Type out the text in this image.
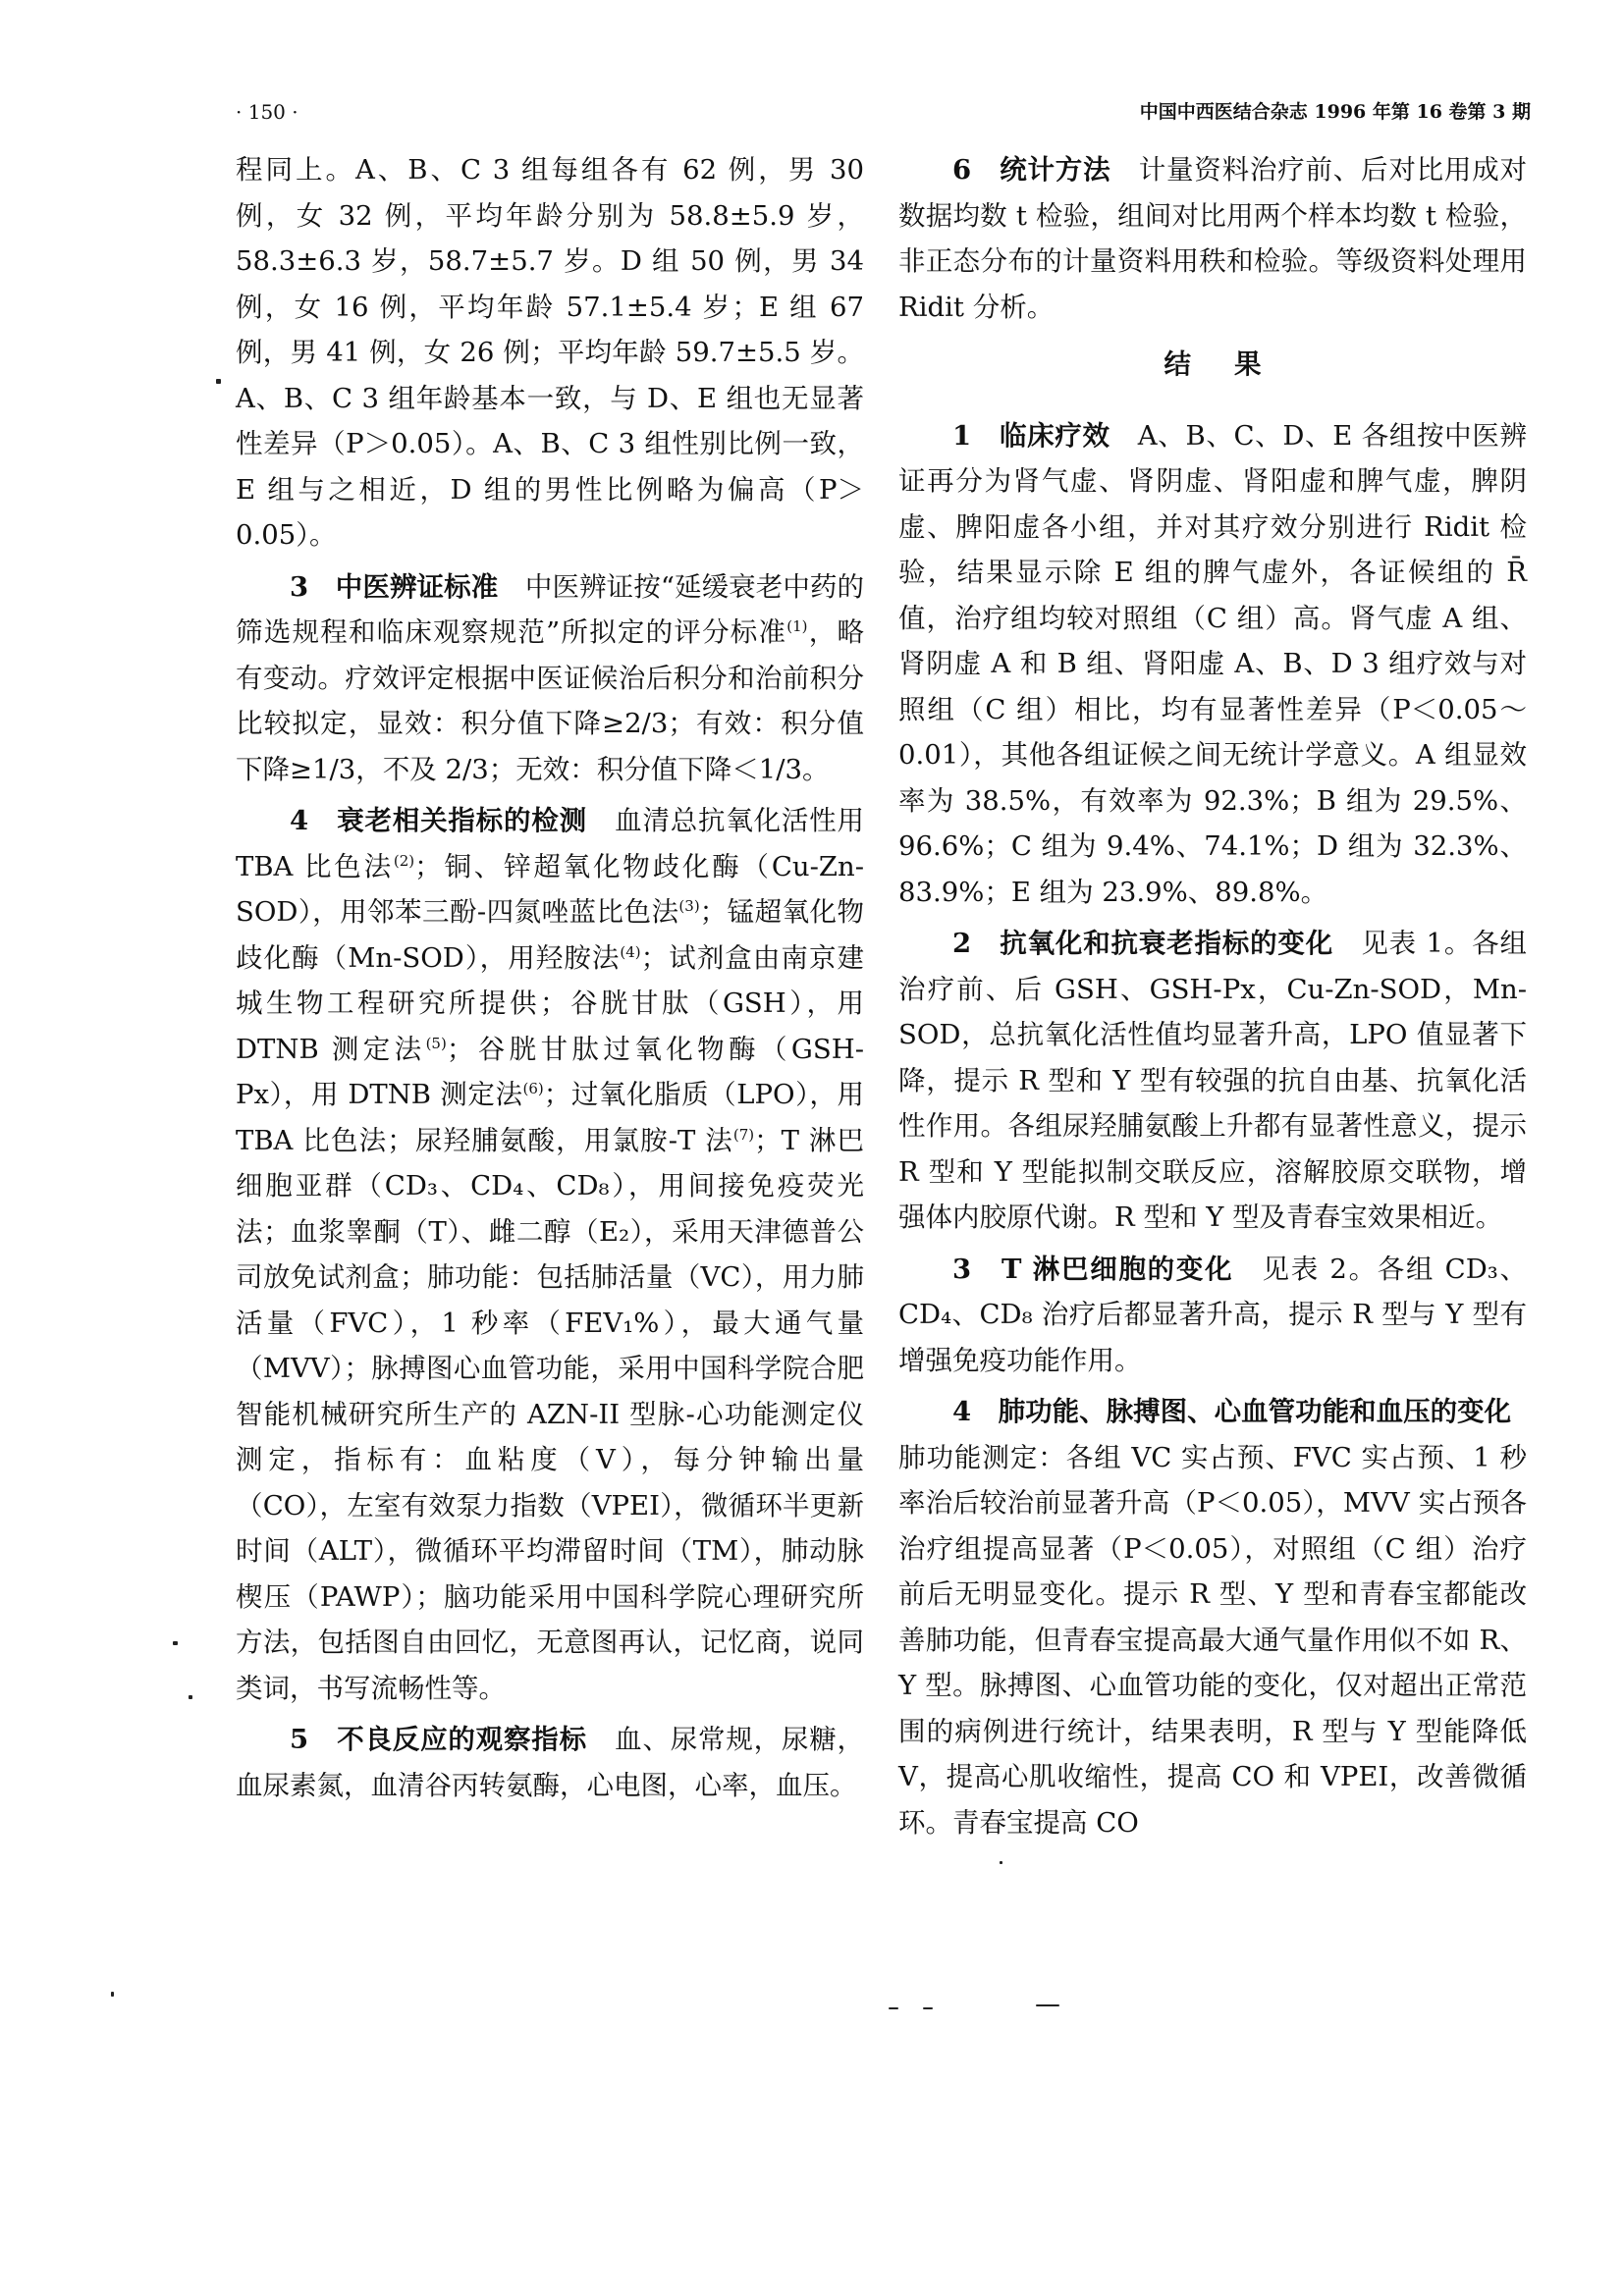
· 150 ·	中国中西医结合杂志 1996 年第 16 卷第 3 期

程同上。A、B、C 3 组每组各有 62 例，男 30 例，女 32 例，平均年龄分别为 58.8±5.9 岁，58.3±6.3 岁，58.7±5.7 岁。D 组 50 例，男 34 例，女 16 例，平均年龄 57.1±5.4 岁；E 组 67 例，男 41 例，女 26 例；平均年龄 59.7±5.5 岁。A、B、C 3 组年龄基本一致，与 D、E 组也无显著性差异（P＞0.05）。A、B、C 3 组性别比例一致，E 组与之相近，D 组的男性比例略为偏高（P＞0.05）。

3　中医辨证标准　中医辨证按“延缓衰老中药的筛选规程和临床观察规范”所拟定的评分标准$^{(1)}$，略有变动。疗效评定根据中医证候治后积分和治前积分比较拟定，显效：积分值下降≥2/3；有效：积分值下降≥1/3，不及 2/3；无效：积分值下降＜1/3。

4　衰老相关指标的检测　血清总抗氧化活性用 TBA 比色法$^{(2)}$；铜、锌超氧化物歧化酶（Cu-Zn-SOD），用邻苯三酚-四氮唑蓝比色法$^{(3)}$；锰超氧化物歧化酶（Mn-SOD），用羟胺法$^{(4)}$；试剂盒由南京建城生物工程研究所提供；谷胱甘肽（GSH），用 DTNB 测定法$^{(5)}$；谷胱甘肽过氧化物酶（GSH-Px），用 DTNB 测定法$^{(6)}$；过氧化脂质（LPO），用 TBA 比色法；尿羟脯氨酸，用氯胺-T 法$^{(7)}$；T 淋巴细胞亚群（CD₃、CD₄、CD₈），用间接免疫荧光法；血浆睾酮（T）、雌二醇（E₂），采用天津德普公司放免试剂盒；肺功能：包括肺活量（VC），用力肺活量（FVC），1 秒率（FEV₁%），最大通气量（MVV）；脉搏图心血管功能，采用中国科学院合肥智能机械研究所生产的 AZN-II 型脉-心功能测定仪测定，指标有：血粘度（V），每分钟输出量（CO），左室有效泵力指数（VPEI），微循环半更新时间（ALT），微循环平均滞留时间（TM），肺动脉楔压（PAWP）；脑功能采用中国科学院心理研究所方法，包括图自由回忆，无意图再认，记忆商，说同类词，书写流畅性等。

5　不良反应的观察指标　血、尿常规，尿糖，血尿素氮，血清谷丙转氨酶，心电图，心率，血压。

6　统计方法　计量资料治疗前、后对比用成对数据均数 t 检验，组间对比用两个样本均数 t 检验，非正态分布的计量资料用秩和检验。等级资料处理用 Ridit 分析。

结果

1　临床疗效　A、B、C、D、E 各组按中医辨证再分为肾气虚、肾阴虚、肾阳虚和脾气虚，脾阴虚、脾阳虚各小组，并对其疗效分别进行 Ridit 检验，结果显示除 E 组的脾气虚外，各证候组的 R̄ 值，治疗组均较对照组（C 组）高。肾气虚 A 组、肾阴虚 A 和 B 组、肾阳虚 A、B、D 3 组疗效与对照组（C 组）相比，均有显著性差异（P＜0.05～0.01），其他各组证候之间无统计学意义。A 组显效率为 38.5%，有效率为 92.3%；B 组为 29.5%、96.6%；C 组为 9.4%、74.1%；D 组为 32.3%、83.9%；E 组为 23.9%、89.8%。

2　抗氧化和抗衰老指标的变化　见表 1。各组治疗前、后 GSH、GSH-Px，Cu-Zn-SOD，Mn-SOD，总抗氧化活性值均显著升高，LPO 值显著下降，提示 R 型和 Y 型有较强的抗自由基、抗氧化活性作用。各组尿羟脯氨酸上升都有显著性意义，提示 R 型和 Y 型能拟制交联反应，溶解胶原交联物，增强体内胶原代谢。R 型和 Y 型及青春宝效果相近。

3　T 淋巴细胞的变化　见表 2。各组 CD₃、CD₄、CD₈ 治疗后都显著升高，提示 R 型与 Y 型有增强免疫功能作用。

4　肺功能、脉搏图、心血管功能和血压的变化　肺功能测定：各组 VC 实占预、FVC 实占预、1 秒率治后较治前显著升高（P＜0.05），MVV 实占预各治疗组提高显著（P＜0.05），对照组（C 组）治疗前后无明显变化。提示 R 型、Y 型和青春宝都能改善肺功能，但青春宝提高最大通气量作用似不如 R、Y 型。脉搏图、心血管功能的变化，仅对超出正常范围的病例进行统计，结果表明，R 型与 Y 型能降低 V，提高心肌收缩性，提高 CO 和 VPEI，改善微循环。青春宝提高 CO
